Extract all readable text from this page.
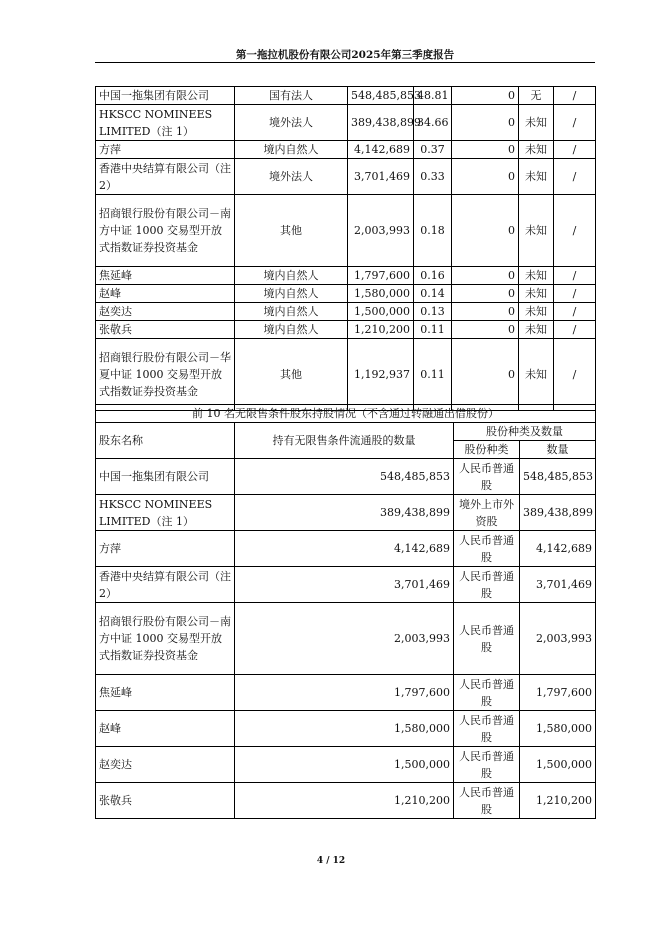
第一拖拉机股份有限公司2025年第三季度报告
中国一拖集团有限公司	国有法人	548,485,853	48.81	0	无	/
HKSCC NOMINEES LIMITED（注 1）	境外法人	389,438,899	34.66	0	未知	/
方萍	境内自然人	4,142,689	0.37	0	未知	/
香港中央结算有限公司（注 2）	境外法人	3,701,469	0.33	0	未知	/
招商银行股份有限公司－南方中证 1000 交易型开放式指数证券投资基金	其他	2,003,993	0.18	0	未知	/
焦延峰	境内自然人	1,797,600	0.16	0	未知	/
赵峰	境内自然人	1,580,000	0.14	0	未知	/
赵奕达	境内自然人	1,500,000	0.13	0	未知	/
张敬兵	境内自然人	1,210,200	0.11	0	未知	/
招商银行股份有限公司－华夏中证 1000 交易型开放式指数证券投资基金	其他	1,192,937	0.11	0	未知	/
前 10 名无限售条件股东持股情况（不含通过转融通出借股份）			
股东名称	持有无限售条件流通股的数量	股份种类及数量	
		股份种类	数量
中国一拖集团有限公司	548,485,853	人民币普通股	548,485,853
HKSCC NOMINEES LIMITED（注 1）	389,438,899	境外上市外资股	389,438,899
方萍	4,142,689	人民币普通股	4,142,689
香港中央结算有限公司（注 2）	3,701,469	人民币普通股	3,701,469
招商银行股份有限公司－南方中证 1000 交易型开放式指数证券投资基金	2,003,993	人民币普通股	2,003,993
焦延峰	1,797,600	人民币普通股	1,797,600
赵峰	1,580,000	人民币普通股	1,580,000
赵奕达	1,500,000	人民币普通股	1,500,000
张敬兵	1,210,200	人民币普通股	1,210,200
4 / 12
